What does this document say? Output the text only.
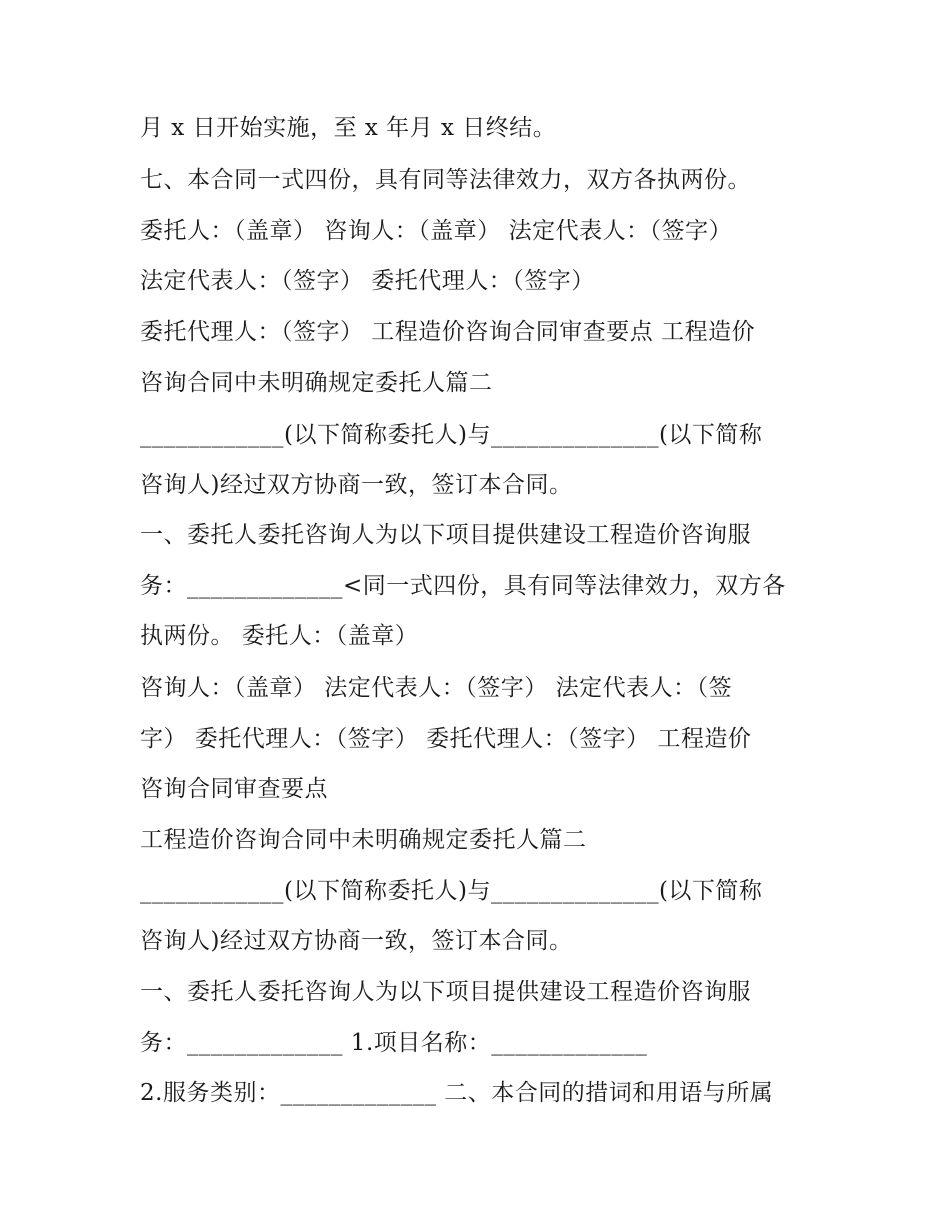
月 x 日开始实施，至 x 年月 x 日终结。
七、本合同一式四份，具有同等法律效力，双方各执两份。
委托人：（盖章） 咨询人：（盖章） 法定代表人：（签字）
法定代表人：（签字） 委托代理人：（签字）
委托代理人：（签字） 工程造价咨询合同审查要点 工程造价
咨询合同中未明确规定委托人篇二
____________(以下简称委托人)与______________(以下简称
咨询人)经过双方协商一致，签订本合同。
一、委托人委托咨询人为以下项目提供建设工程造价咨询服
务：_____________<同一式四份，具有同等法律效力，双方各
执两份。 委托人：（盖章）
咨询人：（盖章） 法定代表人：（签字） 法定代表人：（签
字） 委托代理人：（签字） 委托代理人：（签字） 工程造价
咨询合同审查要点
工程造价咨询合同中未明确规定委托人篇二
____________(以下简称委托人)与______________(以下简称
咨询人)经过双方协商一致，签订本合同。
一、委托人委托咨询人为以下项目提供建设工程造价咨询服
务：_____________ 1.项目名称：_____________
2.服务类别：_____________ 二、本合同的措词和用语与所属
